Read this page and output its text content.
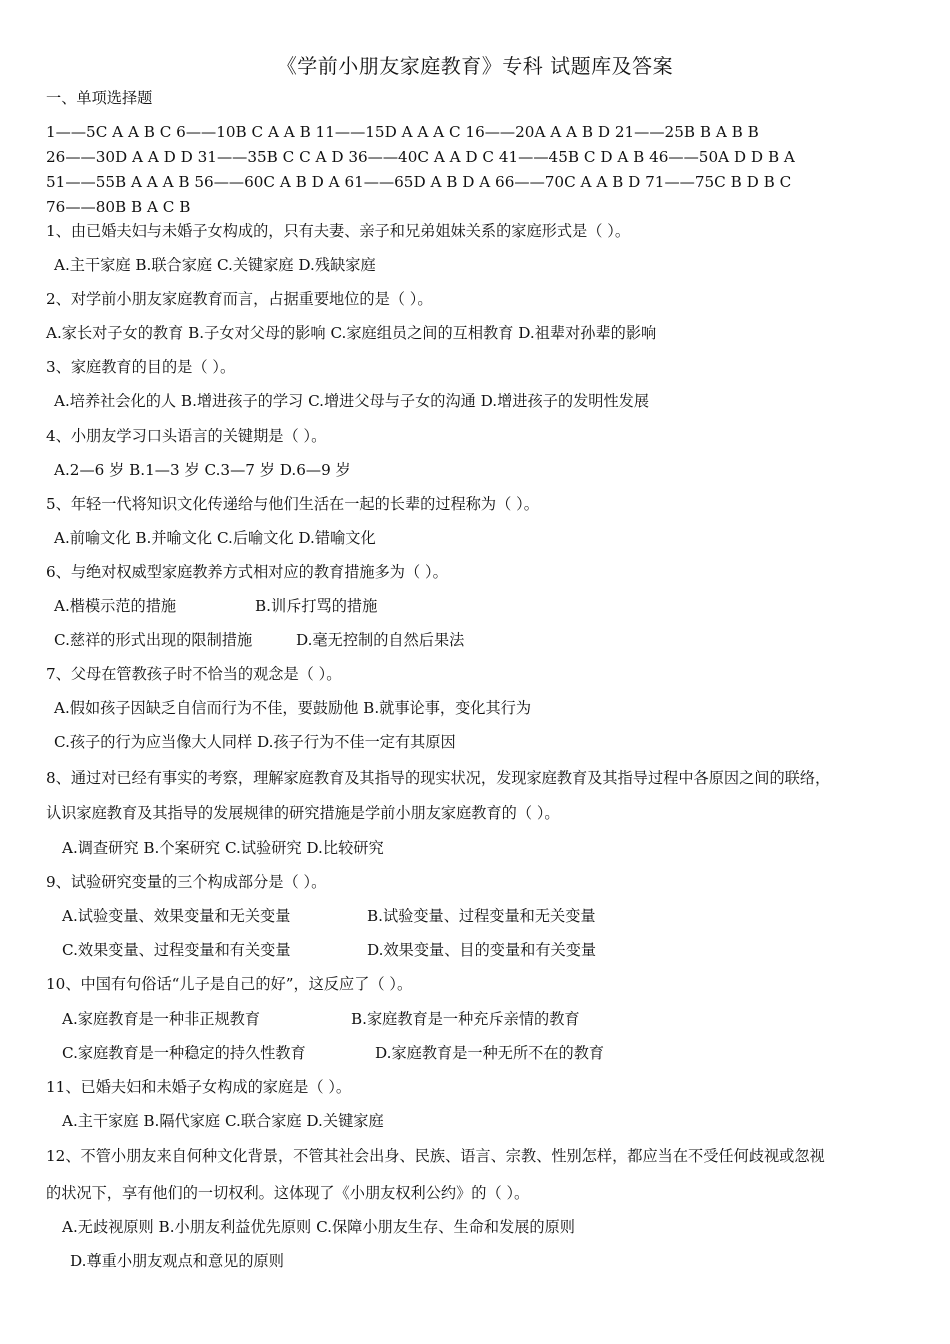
《学前小朋友家庭教育》专科 试题库及答案
一、单项选择题
1——5C A A B C 6——10B C A A B 11——15D A A A C 16——20A A A B D 21——25B B A B B
26——30D A A D D 31——35B C C A D 36——40C A A D C 41——45B C D A B 46——50A D D B A
51——55B A A A B 56——60C A B D A 61——65D A B D A 66——70C A A B D 71——75C B D B C
76——80B B A C B
1、由已婚夫妇与未婚子女构成的，只有夫妻、亲子和兄弟姐妹关系的家庭形式是（ ）。
A.主干家庭 B.联合家庭 C.关键家庭 D.残缺家庭
2、对学前小朋友家庭教育而言，占据重要地位的是（ ）。
A.家长对子女的教育 B.子女对父母的影响 C.家庭组员之间的互相教育 D.祖辈对孙辈的影响
3、家庭教育的目的是（ ）。
A.培养社会化的人 B.增进孩子的学习 C.增进父母与子女的沟通 D.增进孩子的发明性发展
4、小朋友学习口头语言的关键期是（ ）。
A.2—6 岁 B.1—3 岁 C.3—7 岁 D.6—9 岁
5、年轻一代将知识文化传递给与他们生活在一起的长辈的过程称为（ ）。
A.前喻文化 B.并喻文化 C.后喻文化 D.错喻文化
6、与绝对权威型家庭教养方式相对应的教育措施多为（ ）。
A.楷模示范的措施	B.训斥打骂的措施
C.慈祥的形式出现的限制措施	D.毫无控制的自然后果法
7、父母在管教孩子时不恰当的观念是（ ）。
A.假如孩子因缺乏自信而行为不佳，要鼓励他 B.就事论事，变化其行为
C.孩子的行为应当像大人同样 D.孩子行为不佳一定有其原因
8、通过对已经有事实的考察，理解家庭教育及其指导的现实状况，发现家庭教育及其指导过程中各原因之间的联络，
认识家庭教育及其指导的发展规律的研究措施是学前小朋友家庭教育的（ ）。
A.调查研究 B.个案研究 C.试验研究 D.比较研究
9、试验研究变量的三个构成部分是（ ）。
A.试验变量、效果变量和无关变量	B.试验变量、过程变量和无关变量
C.效果变量、过程变量和有关变量	D.效果变量、目的变量和有关变量
10、中国有句俗话“儿子是自己的好”，这反应了（ ）。
A.家庭教育是一种非正规教育	B.家庭教育是一种充斥亲情的教育
C.家庭教育是一种稳定的持久性教育	D.家庭教育是一种无所不在的教育
11、已婚夫妇和未婚子女构成的家庭是（ ）。
A.主干家庭 B.隔代家庭 C.联合家庭 D.关键家庭
12、不管小朋友来自何种文化背景，不管其社会出身、民族、语言、宗教、性别怎样，都应当在不受任何歧视或忽视
的状况下，享有他们的一切权利。这体现了《小朋友权利公约》的（ ）。
A.无歧视原则 B.小朋友利益优先原则 C.保障小朋友生存、生命和发展的原则
D.尊重小朋友观点和意见的原则
